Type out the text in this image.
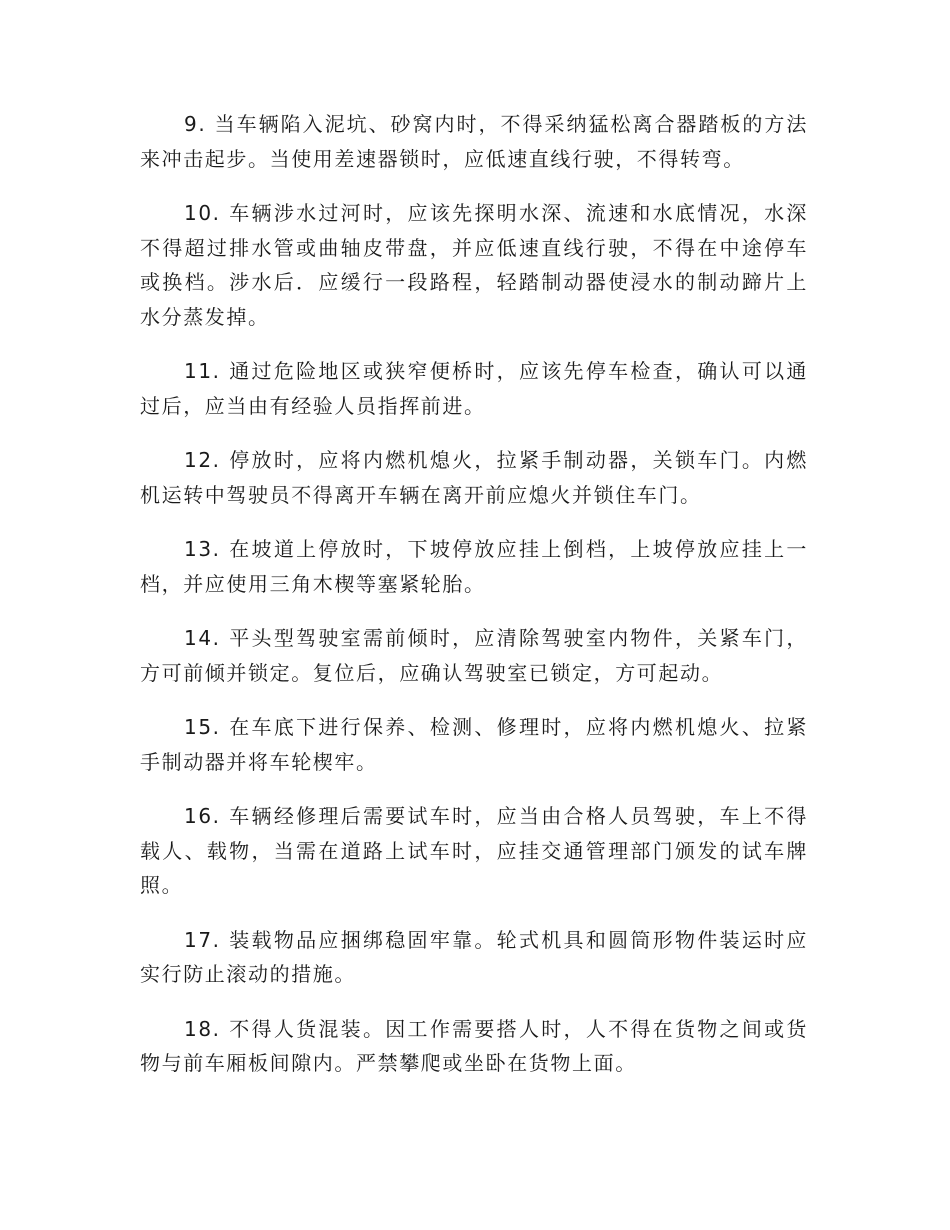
9. 当车辆陷入泥坑、砂窝内时，不得采纳猛松离合器踏板的方法来冲击起步。当使用差速器锁时，应低速直线行驶，不得转弯。

10. 车辆涉水过河时，应该先探明水深、流速和水底情况，水深不得超过排水管或曲轴皮带盘，并应低速直线行驶，不得在中途停车或换档。涉水后．应缓行一段路程，轻踏制动器使浸水的制动蹄片上水分蒸发掉。

11. 通过危险地区或狭窄便桥时，应该先停车检查，确认可以通过后，应当由有经验人员指挥前进。

12. 停放时，应将内燃机熄火，拉紧手制动器，关锁车门。内燃机运转中驾驶员不得离开车辆在离开前应熄火并锁住车门。

13. 在坡道上停放时，下坡停放应挂上倒档，上坡停放应挂上一档，并应使用三角木楔等塞紧轮胎。

14. 平头型驾驶室需前倾时，应清除驾驶室内物件，关紧车门，方可前倾并锁定。复位后，应确认驾驶室已锁定，方可起动。

15. 在车底下进行保养、检测、修理时，应将内燃机熄火、拉紧手制动器并将车轮楔牢。

16. 车辆经修理后需要试车时，应当由合格人员驾驶，车上不得载人、载物，当需在道路上试车时，应挂交通管理部门颁发的试车牌照。

17. 装载物品应捆绑稳固牢靠。轮式机具和圆筒形物件装运时应实行防止滚动的措施。

18. 不得人货混装。因工作需要搭人时，人不得在货物之间或货物与前车厢板间隙内。严禁攀爬或坐卧在货物上面。
